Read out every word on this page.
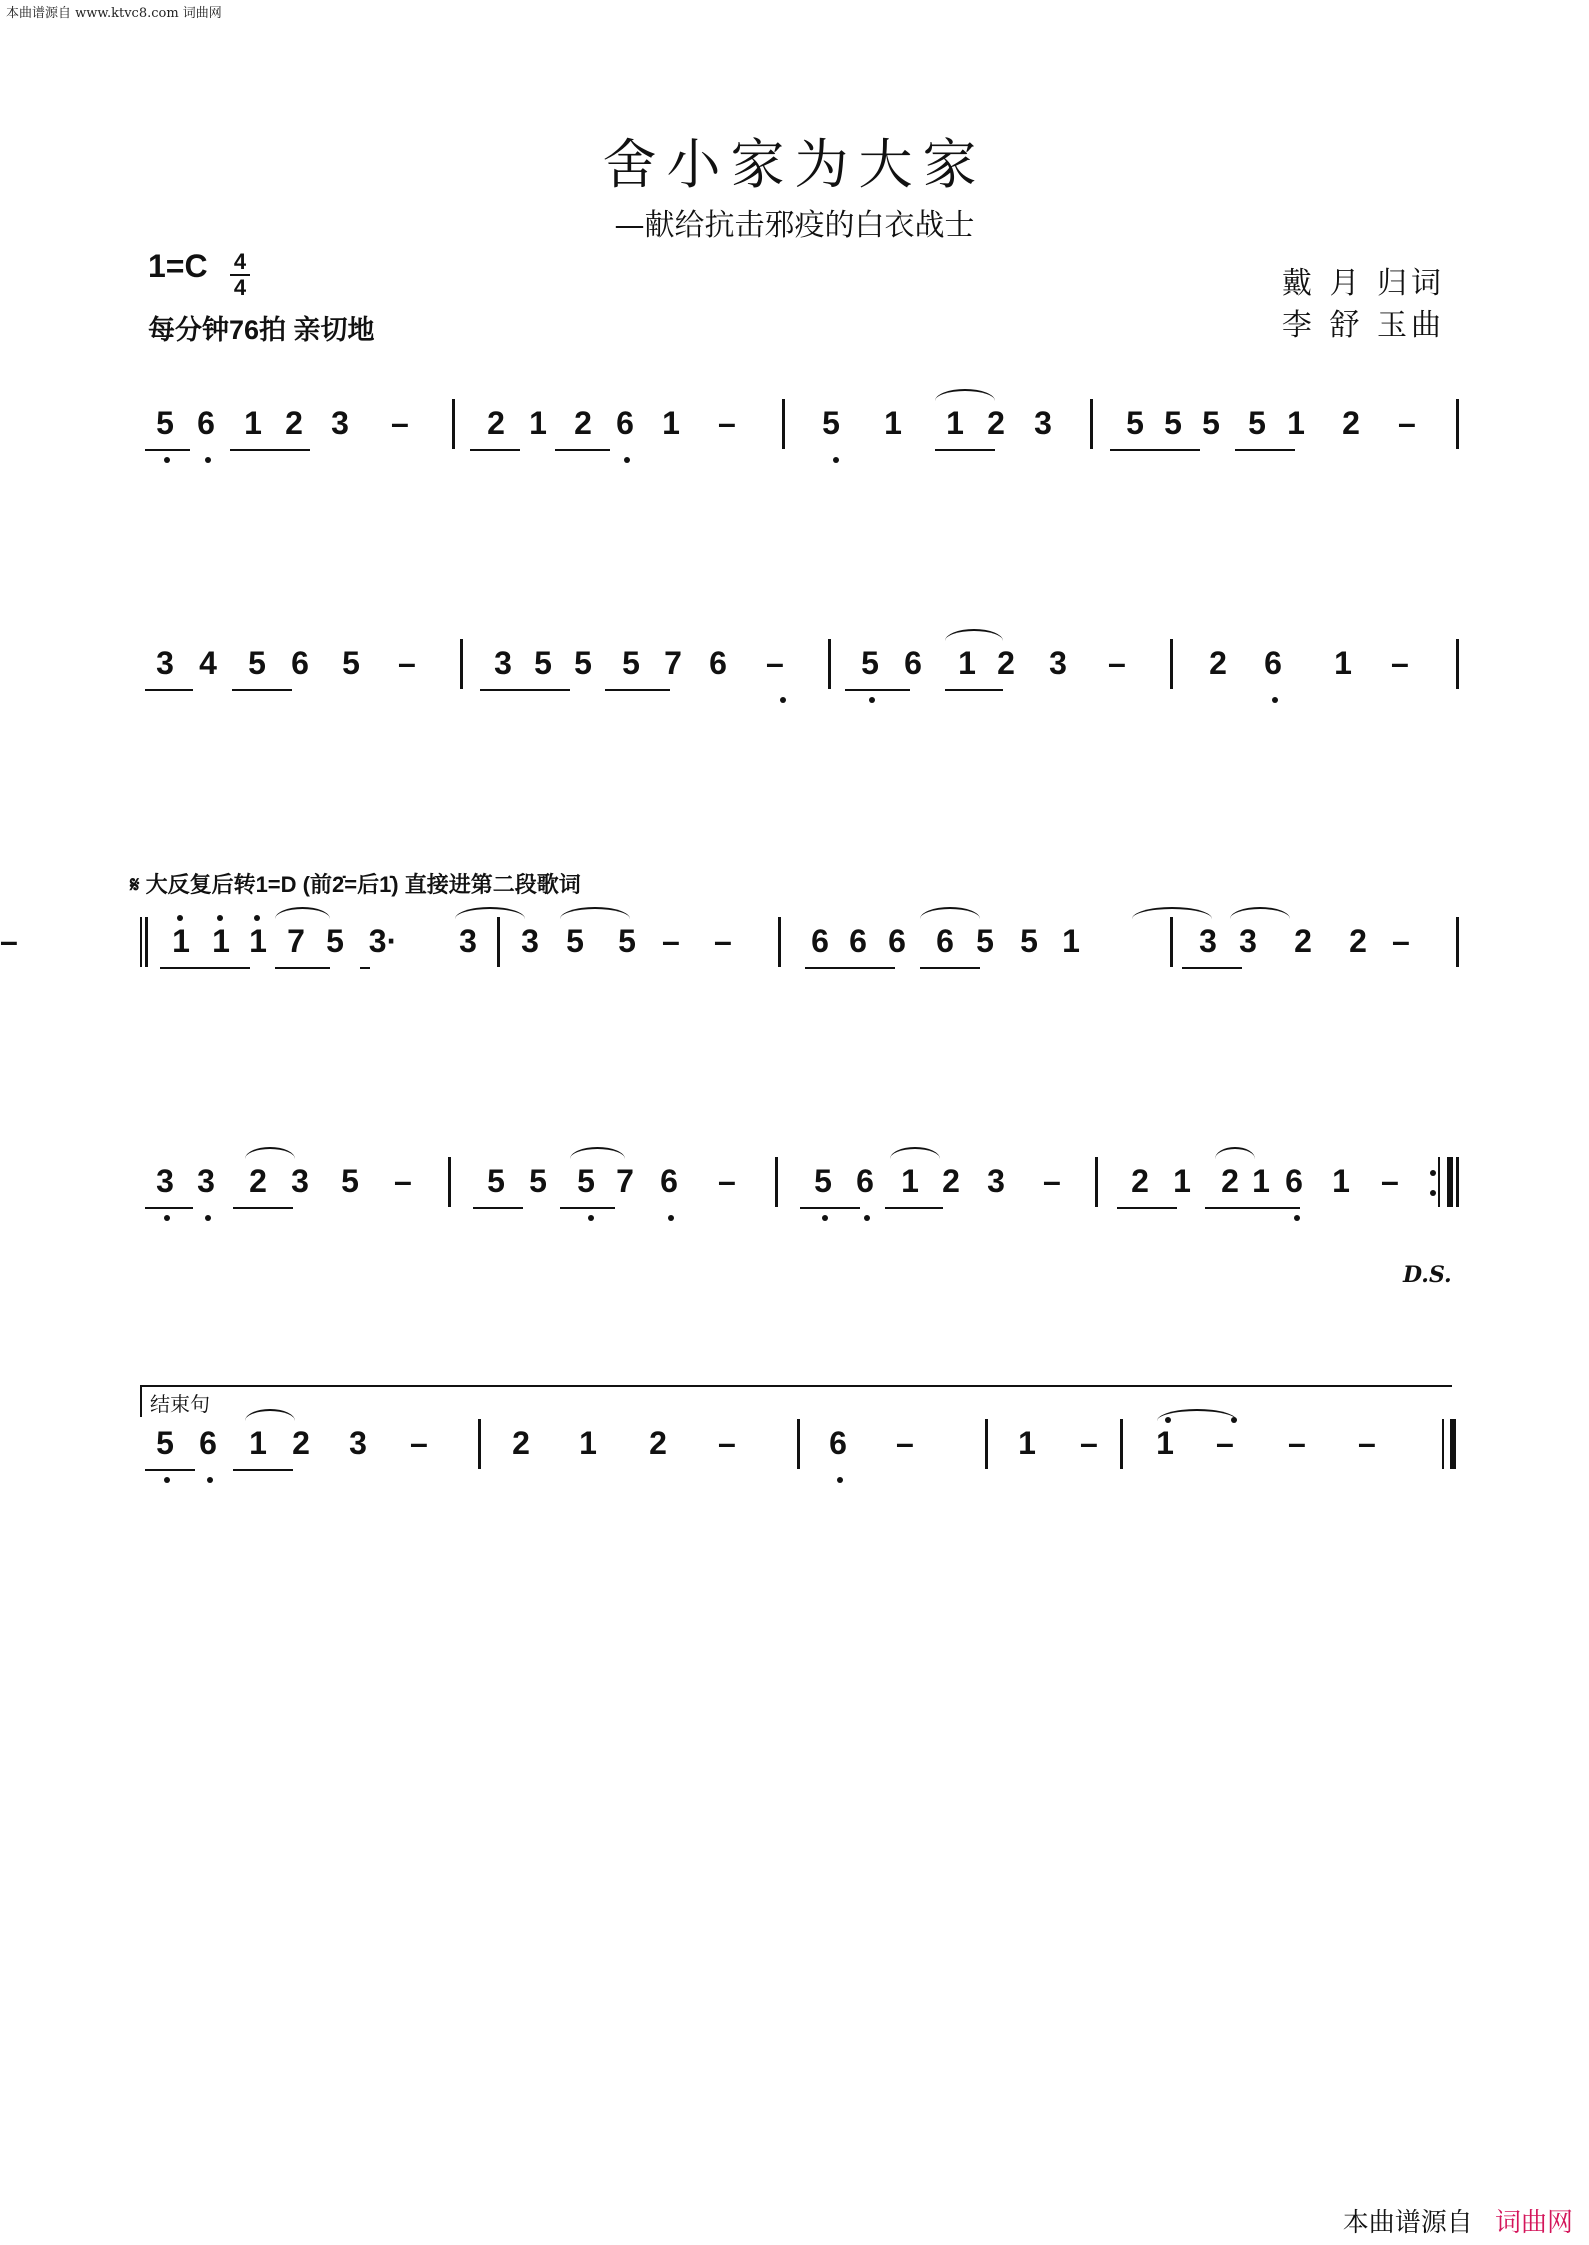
本曲谱源自 www.ktvc8.com 词曲网
舍小家为大家
—献给抗击邪疫的白衣战士
1=C 4
4
每分钟76拍 亲切地
戴 月 归词
李 舒 玉曲
𝄋 大反复后转1=D (前2̇=后1̇) 直接进第二段歌词
结束句
D.S.
5 6 1 2 3 – 2 1 2 6 1 –	5 1 1 2 3 5 5 5 5 1 2 –
3 4 5 6 5 – 3 5 5 5 7 6 – 5 6 1 2 3 –	2 6 1 –
1 1 1 7 5 3· 3 3 5 5 – – 6 6 6 6 5 5 1	3 3 2 2 –
–
3 3 2 3 5 – 5 5 5 7 6 – 5 6 1 2 3 – 2 1 2 1 6 1 –
5 6 1 2 3 –	2 1 2 –	6 –	1 – 1 – – –
本曲谱源自 词曲网
